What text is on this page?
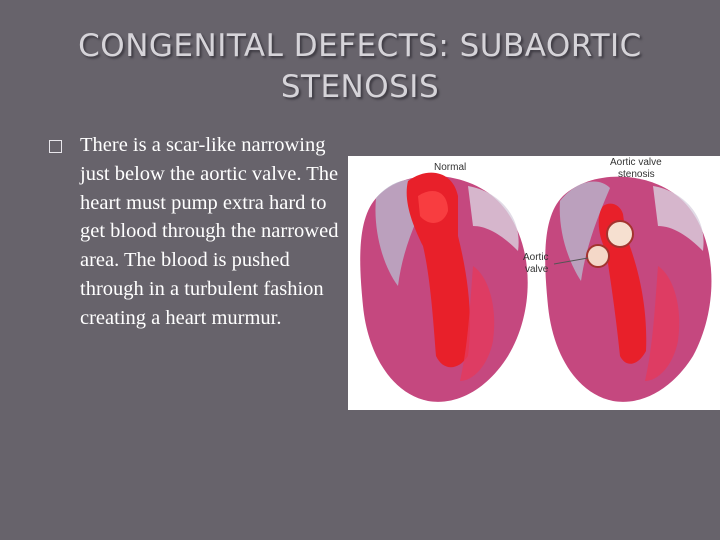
CONGENITAL DEFECTS: SUBAORTIC
STENOSIS
There is a scar-like narrowing just below the aortic valve. The heart must pump extra hard to get blood through the narrowed area. The blood is pushed through in a turbulent fashion creating a heart murmur.
Normal	Aortic valve
stenosis
Aortic
valve
